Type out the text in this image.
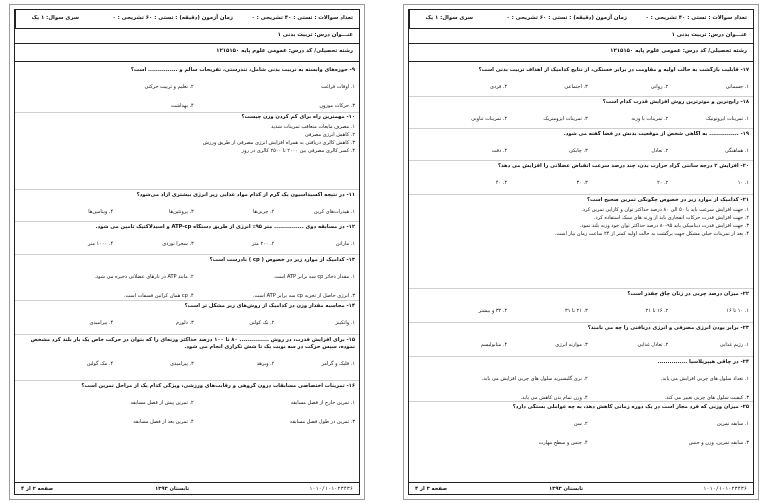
تعداد سوالات : تستی : ۴۰ تشریحی : ۰
زمان آزمون (دقیقه) : تستی : ۶۰ تشریحی : ۰
سری سوال: ۱ یک
عنـــوان درس: تربیت بدنی ۱
رشته تحصیلی/ کد درس: عمومی علوم پایه ۱۲۱۵۱۵۰
۹- حوزه‌های وابسته به تربیت بدنی شامل، تندرستی، تفریحات سالم و ............... است؟
۱. اوقات فراغت۲. تعلیم و تربیت حرکتی ۳. حرکات موزون۴. بهداشت
۱۰- مهمترین راه برای کم کردن وزن چیست؟
۱. مصرف مایعات متعاقب تمرینات شدید
۲. کاهش انرژی مصرفی
۳. کاهش کالری دریافتی به همراه افزایش انرژی مصرفی از طریق ورزش
۴. کسر کالری مصرفی بین ۲۰۰۰ تا ۲۵۰۰ کالری در روز
۱۱- در نتیجه اکسیداسیون یک گرم از کدام مواد غذایی زیر انرژی بیشتری آزاد می‌شود؟
۱. هیدرات‌های کربن۲. چربی‌ها۳. پروتئین‌ها۴. ویتامین‌ها
۱۲- در مسابقه دوی ............... متر ۹۵٪ انرژی از طریق دستگاه ATP-cp و اسیدلاکتیک تامین می شود.
۱. ماراتن۲. ۲۰۰ متر۳. سجرا نوردی۴. ۱۰۰۰ متر
۱۳- کدامیک از موارد زیر در خصوص ( cp ) نادرست است؟
۱. مقدار ذخائر cp سه برابر ATP است.۲. مانند ATP در تارهای عضلانی ذخیره می شود. ۳. انرژی حاصل از تجزیه cp سه برابر ATP است.۴. cp همان کراتین فسفات است.
۱۴- محاسبه مقدار وزن در کدامیک از روش‌های زیر مشکل تر است؟
۱. واتکینز۲. نک کولتن۳. دلورم۴. پیرامیدی
۱۵- برای افزایش قدرت، در روش ............... ۸۰ تا ۱۰۰ درصد حداکثر وزنه‌ای را که بتوان در حرکت خاص یک بار بلند کرد مشخص نموده، سپس حرکت در سه نوبت یک تا شش تکراری انجام می شود.
۱. فلیک و گرامر۲. ویرهد۳. پیرامیدی۴. مک گولین
۱۶- تمرینات اختصاصی مسابقات درون گروهی و رقابت‌های ورزشی، ویژگی کدام یک از مراحل تمرین است؟
۱. تمرین خارج از فصل مسابقه۲. تمرین پیش از فصل مسابقه ۳. تمرین در طول فصل مسابقه۴. تمرین بعد از فصل مسابقه
صفحه ۲ از ۴	تابستان ۱۳۹۳	۱۰۱۰/۱۰۱۰۲۳۴۳۶
تعداد سوالات : تستی : ۴۰ تشریحی : ۰
زمان آزمون (دقیقه) : تستی : ۶۰ تشریحی : ۰
سری سوال: ۱ یک
عنـــوان درس: تربیت بدنی ۱
رشته تحصیلی/ کد درس: عمومی علوم پایه ۱۲۱۵۱۵۰
۱۷- قابلیت بازگشت به حالت اولیه و مقاومت در برابر خستگی، از نتایج کدامیک از اهداف تربیت بدنی است؟
۱. جسمانی۲. روانی۳. اجتماعی۴. فردی
۱۸- رایج‌ترین و موثرترین روش افزایش قدرت کدام است؟
۱. تمرینات ایزوتونیک۲. تمرینات با وزنه۳. تمرینات ایزومتریک۴. تمرینات تناوبی
۱۹- ............... به آگاهی شخص از موقعیت بدنش در فضا گفته می شود.
۱. هماهنگی۲. تعادل۳. چابکی۴. دقت
۲۰- افزایش ۲ درجه سانتی گراد حرارت بدن، چند درصد سرعت انقباض عضلانی را افزایش می دهد؟
۱. ۱۰۲. ۲۰۳. ۳۰۴. ۴۰
۲۱- کدامیک از موارد زیر در خصوص چگونگی تمرین صحیح است؟
۱. جهت افزایش سرعت باید با ۵۰ الی ۸۰ درصد حداکثر توان و کارایی تمرین کرد.
۲. جهت افزایش قدرت حرکات انفجاری باید از وزنه های سبک استفاده کرد.
۳. جهت افزایش قدرت دینامیکی باید ۹۵-۸۰ درصد حداکثر توان خود وزنه بلند نمود.
۴. بعد از تمرینات خیلی مشکل جهت برگشت به حالت اولیه کمتر از ۲۴ ساعت زمان نیاز است.
۲۲- میزان درصد چربی در زنان چاق چقدر است؟
۱. ۱۰ تا ۱۶۲. ۱۶ تا ۲۱۳. ۲۱ تا ۳۱۴. ۳۲ و بیشتر
۲۳- برابر بودن انرژی مصرفی و انرژی دریافتی را چه می نامند؟
۱. رژیم غذایی۲. تعادل غذایی۳. موازنه انرژی۴. متابولیسم
۲۴- در چاقی هیپرپلاسیا ...............
۱. تعداد سلول های چربی افزایش می یابد.۲. نری گلیسیرید سلول های چربی افزایش می یابد. ۳. کیفیت سلول های چربی تغییر می کند.۴. وزن تمام بدن کاهش می یابد.
۲۵- میزان وزنی که فرد مجاز است در یک دوره زمانی کاهش دهد، به چه عواملی بستگی دارد؟
۱. سابقه تمرین۲. سن ۳. سابقه تمرین، وزن و جنس۴. جنس و سطح مهارت
صفحه ۳ از ۴	تابستان ۱۳۹۳	۱۰۱۰/۱۰۱۰۲۳۴۳۶
